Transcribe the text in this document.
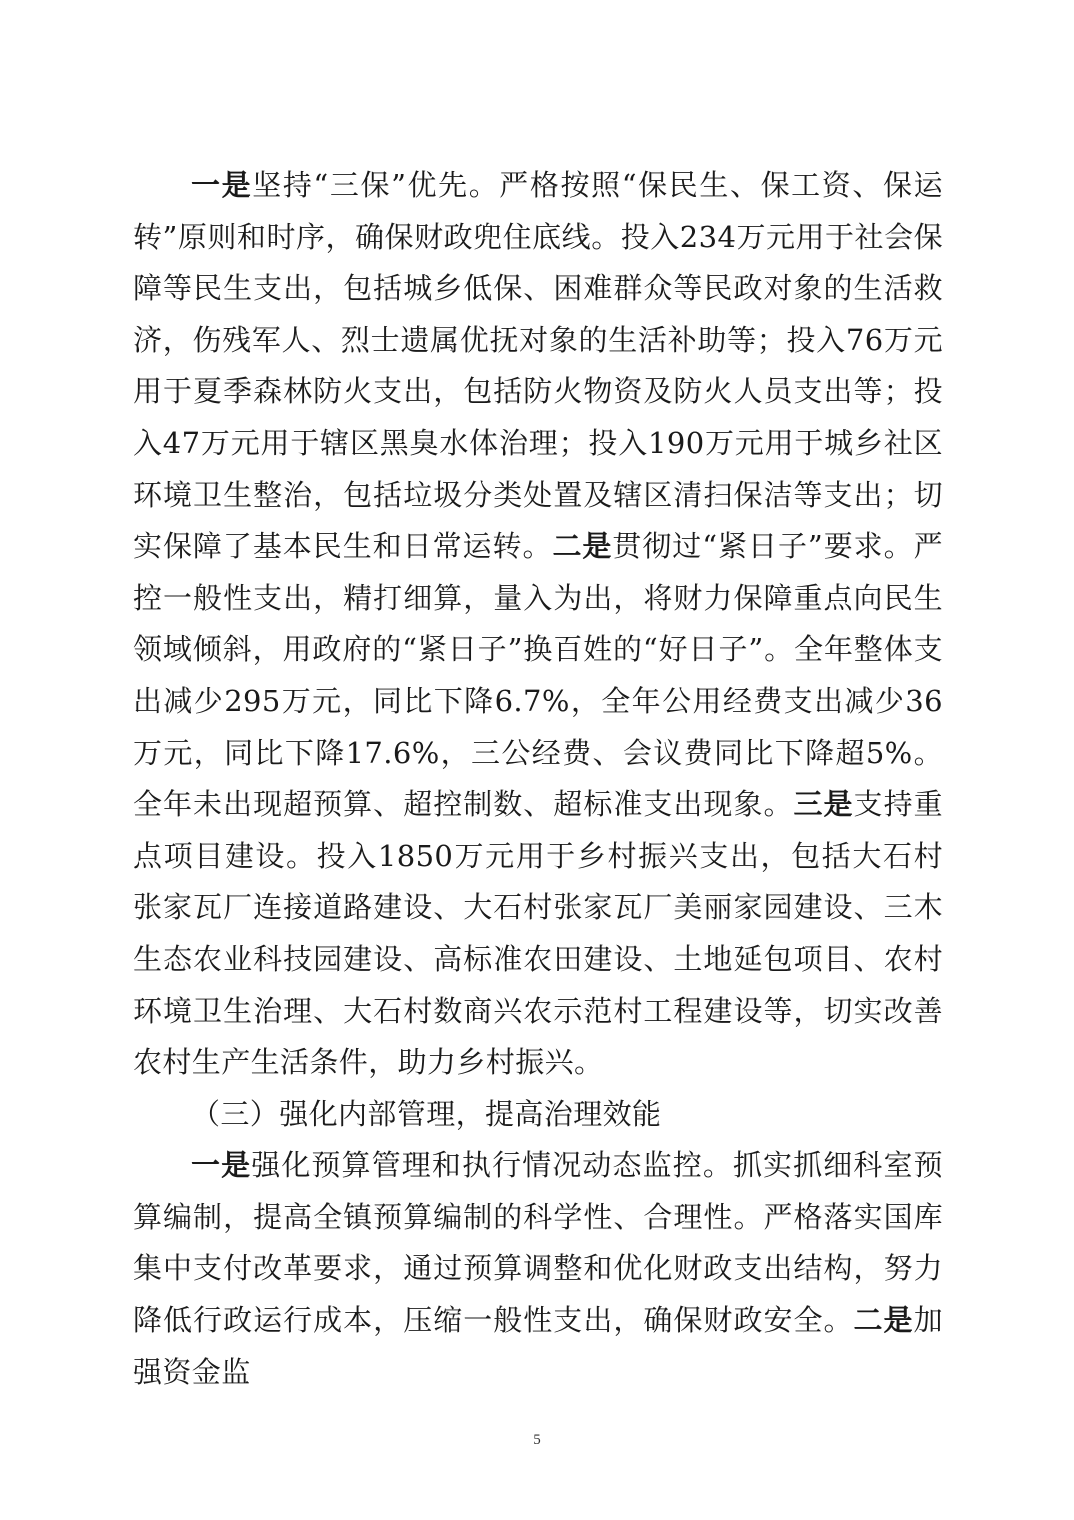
一是坚持“三保”优先。严格按照“保民生、保工资、保运转”原则和时序，确保财政兜住底线。投入234万元用于社会保障等民生支出，包括城乡低保、困难群众等民政对象的生活救济，伤残军人、烈士遗属优抚对象的生活补助等；投入76万元用于夏季森林防火支出，包括防火物资及防火人员支出等；投入47万元用于辖区黑臭水体治理；投入190万元用于城乡社区环境卫生整治，包括垃圾分类处置及辖区清扫保洁等支出；切实保障了基本民生和日常运转。二是贯彻过“紧日子”要求。严控一般性支出，精打细算，量入为出，将财力保障重点向民生领域倾斜，用政府的“紧日子”换百姓的“好日子”。全年整体支出减少295万元，同比下降6.7%，全年公用经费支出减少36万元，同比下降17.6%，三公经费、会议费同比下降超5%。全年未出现超预算、超控制数、超标准支出现象。三是支持重点项目建设。投入1850万元用于乡村振兴支出，包括大石村张家瓦厂连接道路建设、大石村张家瓦厂美丽家园建设、三木生态农业科技园建设、高标准农田建设、土地延包项目、农村环境卫生治理、大石村数商兴农示范村工程建设等，切实改善农村生产生活条件，助力乡村振兴。

（三）强化内部管理，提高治理效能

一是强化预算管理和执行情况动态监控。抓实抓细科室预算编制，提高全镇预算编制的科学性、合理性。严格落实国库集中支付改革要求，通过预算调整和优化财政支出结构，努力降低行政运行成本，压缩一般性支出，确保财政安全。二是加强资金监

5
